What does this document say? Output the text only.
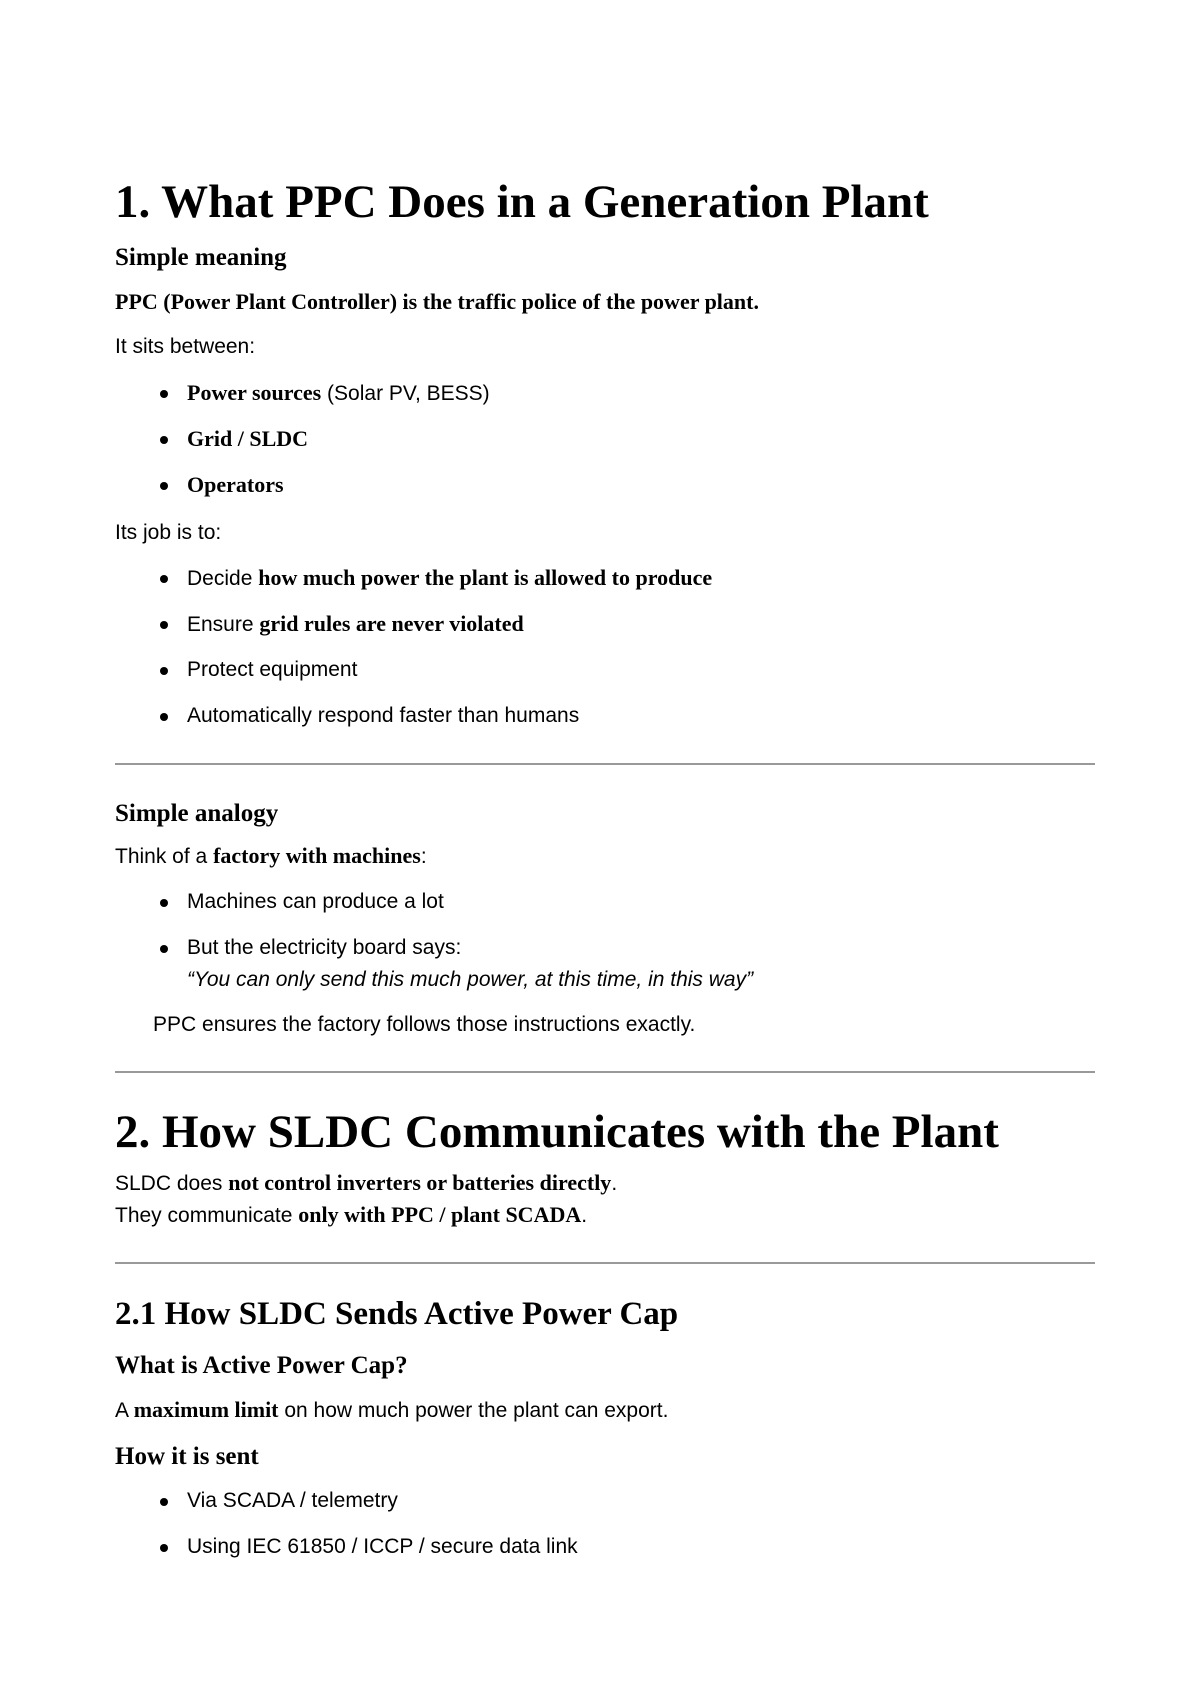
1. What PPC Does in a Generation Plant
Simple meaning

PPC (Power Plant Controller) is the traffic police of the power plant.

It sits between:

Power sources (Solar PV, BESS)
Grid / SLDC
Operators

Its job is to:

Decide how much power the plant is allowed to produce
Ensure grid rules are never violated
Protect equipment
Automatically respond faster than humans
Simple analogy

Think of a factory with machines:

Machines can produce a lot
But the electricity board says:
“You can only send this much power, at this time, in this way”

PPC ensures the factory follows those instructions exactly.

2. How SLDC Communicates with the Plant

SLDC does not control inverters or batteries directly.

They communicate only with PPC / plant SCADA.

2.1 How SLDC Sends Active Power Cap
What is Active Power Cap?

A maximum limit on how much power the plant can export.

How it is sent
Via SCADA / telemetry
Using IEC 61850 / ICCP / secure data link
